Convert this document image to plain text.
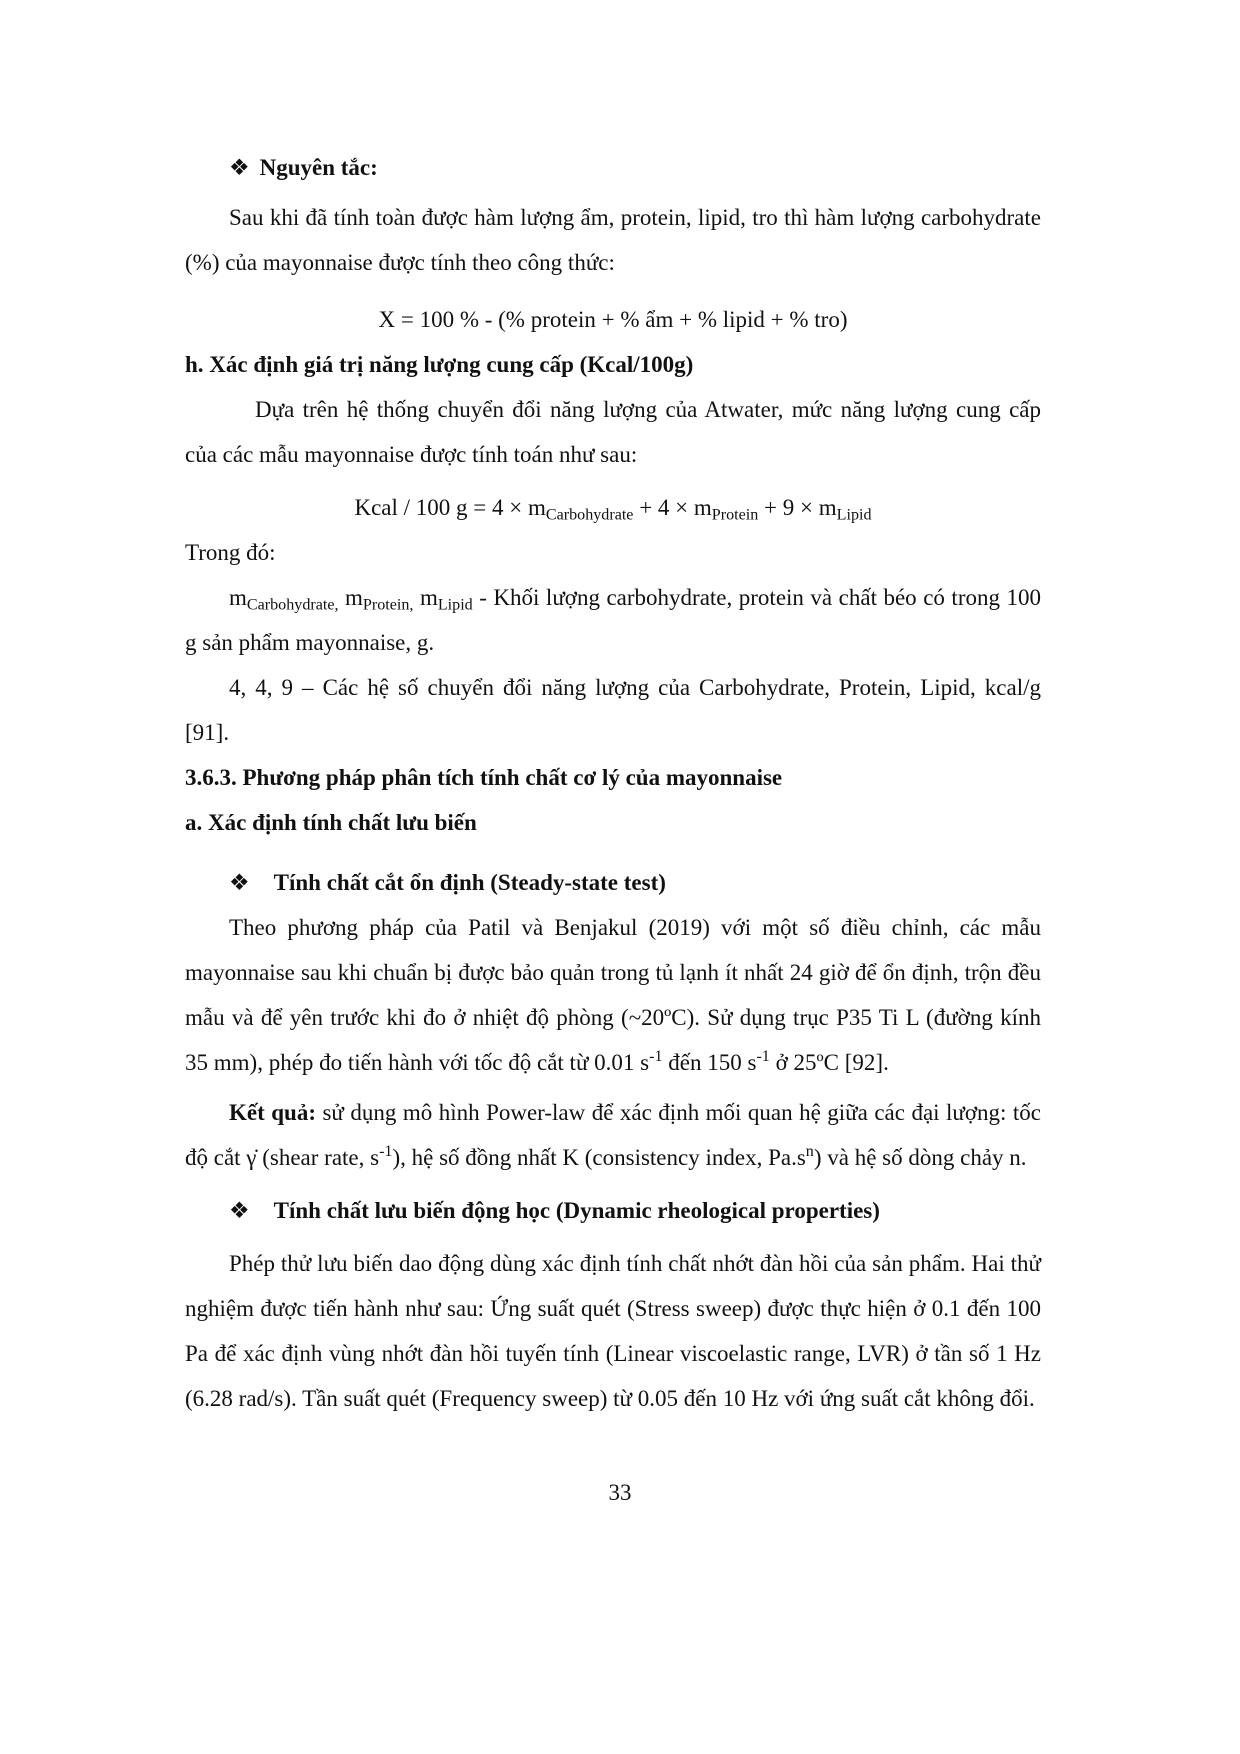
❖ Nguyên tắc:

Sau khi đã tính toàn được hàm lượng ẩm, protein, lipid, tro thì hàm lượng carbohydrate (%) của mayonnaise được tính theo công thức:

X = 100 % - (% protein + % ẩm + % lipid + % tro)

h. Xác định giá trị năng lượng cung cấp (Kcal/100g)

Dựa trên hệ thống chuyển đổi năng lượng của Atwater, mức năng lượng cung cấp của các mẫu mayonnaise được tính toán như sau:

Kcal / 100 $g = 4 \times m_{Carbohydrate} + 4 \times m_{Protein} + 9 \times m_{Lipid}$

Trong đó:

$m_{Carbohydrate,}$ $m_{Protein,}$ $m_{Lipid}$ - Khối lượng carbohydrate, protein và chất béo có trong 100 g sản phẩm mayonnaise, g.

4, 4, 9 – Các hệ số chuyển đổi năng lượng của Carbohydrate, Protein, Lipid, kcal/g [91].

3.6.3. Phương pháp phân tích tính chất cơ lý của mayonnaise
a. Xác định tính chất lưu biến

❖ Tính chất cắt ổn định (Steady-state test)

Theo phương pháp của Patil và Benjakul (2019) với một số điều chỉnh, các mẫu mayonnaise sau khi chuẩn bị được bảo quản trong tủ lạnh ít nhất 24 giờ để ổn định, trộn đều mẫu và để yên trước khi đo ở nhiệt độ phòng (~20ºC). Sử dụng trục P35 Ti L (đường kính 35 mm), phép đo tiến hành với tốc độ cắt từ 0.01 $s^{-1}$ đến 150 $s^{-1}$ ở 25ºC [92].

Kết quả: sử dụng mô hình Power-law để xác định mối quan hệ giữa các đại lượng: tốc độ cắt γ̇ (shear rate, $s^{-1}$), hệ số đồng nhất K (consistency index, $Pa.s^n$) và hệ số dòng chảy n.

❖ Tính chất lưu biến động học (Dynamic rheological properties)

Phép thử lưu biến dao động dùng xác định tính chất nhớt đàn hồi của sản phẩm. Hai thử nghiệm được tiến hành như sau: Ứng suất quét (Stress sweep) được thực hiện ở 0.1 đến 100 Pa để xác định vùng nhớt đàn hồi tuyến tính (Linear viscoelastic range, LVR) ở tần số 1 Hz (6.28 rad/s). Tần suất quét (Frequency sweep) từ 0.05 đến 10 Hz với ứng suất cắt không đổi.

33
